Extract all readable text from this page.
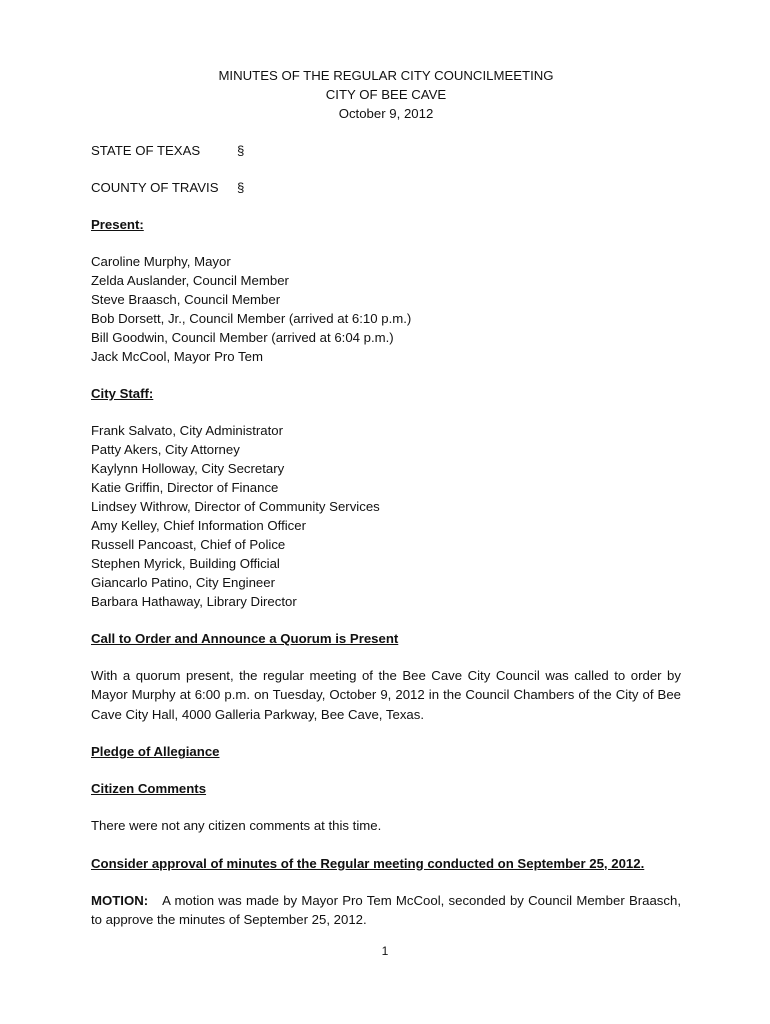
MINUTES OF THE REGULAR CITY COUNCILMEETING
CITY OF BEE CAVE
October 9, 2012
STATE OF TEXAS	§
COUNTY OF TRAVIS	§
Present:
Caroline Murphy, Mayor
Zelda Auslander, Council Member
Steve Braasch, Council Member
Bob Dorsett, Jr., Council Member (arrived at 6:10 p.m.)
Bill Goodwin, Council Member (arrived at 6:04 p.m.)
Jack McCool, Mayor Pro Tem
City Staff:
Frank Salvato, City Administrator
Patty Akers, City Attorney
Kaylynn Holloway, City Secretary
Katie Griffin, Director of Finance
Lindsey Withrow, Director of Community Services
Amy Kelley, Chief Information Officer
Russell Pancoast, Chief of Police
Stephen Myrick, Building Official
Giancarlo Patino, City Engineer
Barbara Hathaway, Library Director
Call to Order and Announce a Quorum is Present
With a quorum present, the regular meeting of the Bee Cave City Council was called to order by Mayor Murphy at 6:00 p.m. on Tuesday, October 9, 2012 in the Council Chambers of the City of Bee Cave City Hall, 4000 Galleria Parkway, Bee Cave, Texas.
Pledge of Allegiance
Citizen Comments
There were not any citizen comments at this time.
Consider approval of minutes of the Regular meeting conducted on September 25, 2012.
MOTION: A motion was made by Mayor Pro Tem McCool, seconded by Council Member Braasch, to approve the minutes of September 25, 2012.
1
